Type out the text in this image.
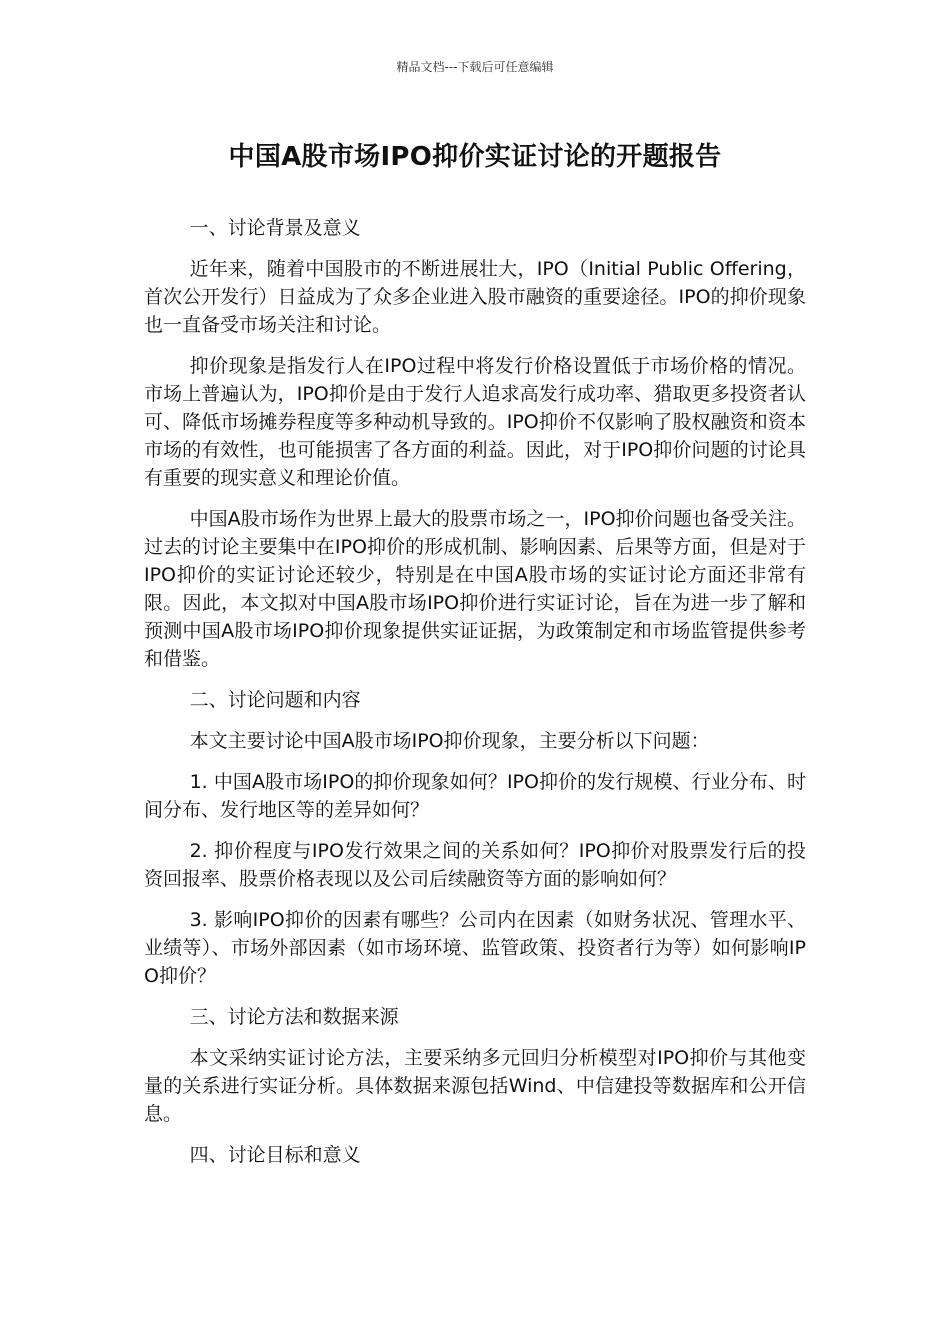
精品文档---下载后可任意编辑
中国A股市场IPO抑价实证讨论的开题报告
一、讨论背景及意义

近年来，随着中国股市的不断进展壮大，IPO（Initial Public Offering，首次公开发行）日益成为了众多企业进入股市融资的重要途径。IPO的抑价现象也一直备受市场关注和讨论。

抑价现象是指发行人在IPO过程中将发行价格设置低于市场价格的情况。市场上普遍认为，IPO抑价是由于发行人追求高发行成功率、猎取更多投资者认可、降低市场摊券程度等多种动机导致的。IPO抑价不仅影响了股权融资和资本市场的有效性，也可能损害了各方面的利益。因此，对于IPO抑价问题的讨论具有重要的现实意义和理论价值。

中国A股市场作为世界上最大的股票市场之一，IPO抑价问题也备受关注。过去的讨论主要集中在IPO抑价的形成机制、影响因素、后果等方面，但是对于IPO抑价的实证讨论还较少，特别是在中国A股市场的实证讨论方面还非常有限。因此，本文拟对中国A股市场IPO抑价进行实证讨论，旨在为进一步了解和预测中国A股市场IPO抑价现象提供实证证据，为政策制定和市场监管提供参考和借鉴。

二、讨论问题和内容

本文主要讨论中国A股市场IPO抑价现象，主要分析以下问题：

1. 中国A股市场IPO的抑价现象如何？IPO抑价的发行规模、行业分布、时间分布、发行地区等的差异如何？

2. 抑价程度与IPO发行效果之间的关系如何？IPO抑价对股票发行后的投资回报率、股票价格表现以及公司后续融资等方面的影响如何？

3. 影响IPO抑价的因素有哪些？公司内在因素（如财务状况、管理水平、业绩等）、市场外部因素（如市场环境、监管政策、投资者行为等）如何影响IPO抑价？

三、讨论方法和数据来源

本文采纳实证讨论方法，主要采纳多元回归分析模型对IPO抑价与其他变量的关系进行实证分析。具体数据来源包括Wind、中信建投等数据库和公开信息。

四、讨论目标和意义
